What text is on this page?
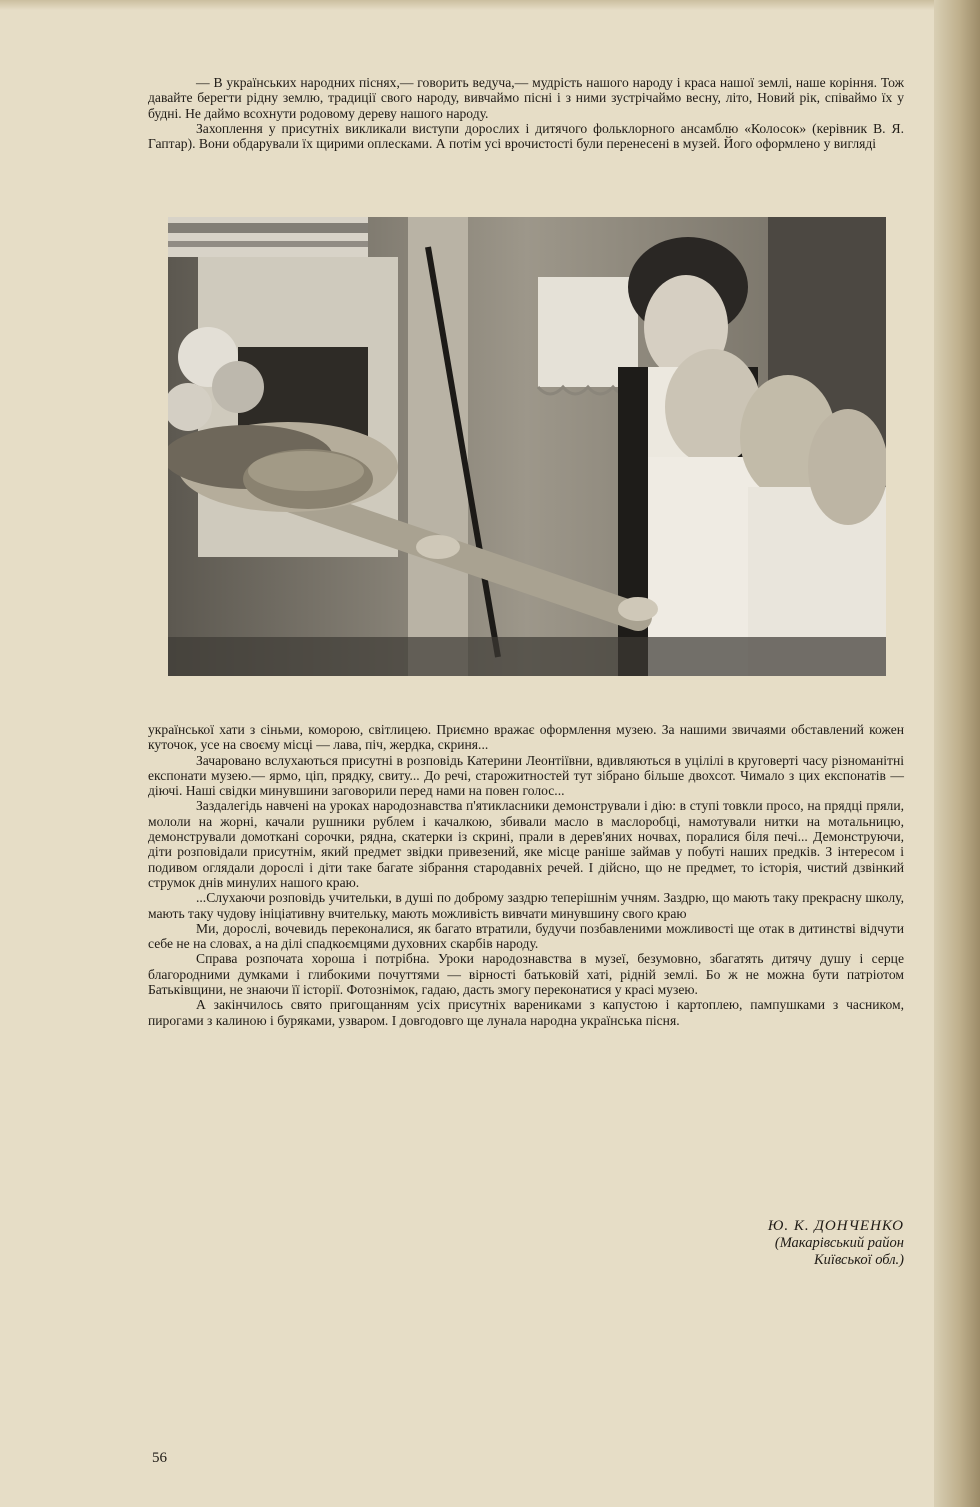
— В українських народних піснях,— говорить ведуча,— мудрість нашого народу і краса нашої землі, наше коріння. Тож давайте берегти рідну землю, традиції свого народу, вивчаймо пісні і з ними зустрічаймо весну, літо, Новий рік, співаймо їх у будні. Не даймо всохнути родовому дереву нашого народу.

Захоплення у присутніх викликали виступи дорослих і дитячого фольклорного ансамблю «Колосок» (керівник В. Я. Гаптар). Вони обдарували їх щирими оплесками. А потім усі врочистості були перенесені в музей. Його оформлено у вигляді

української хати з сіньми, коморою, світлицею. Приємно вражає оформлення музею. За нашими звичаями обставлений кожен куточок, усе на своєму місці — лава, піч, жердка, скриня...

Зачаровано вслухаються присутні в розповідь Катерини Леонтіївни, вдивляються в уцілілі в круговерті часу різноманітні експонати музею.— ярмо, ціп, прядку, свиту... До речі, старожитностей тут зібрано більше двохсот. Чимало з цих експонатів — діючі. Наші свідки минувшини заговорили перед нами на повен голос...

Заздалегідь навчені на уроках народознавства п'ятикласники демонстрували і дію: в ступі товкли просо, на прядці пряли, мололи на жорні, качали рушники рублем і качалкою, збивали масло в маслоробці, намотували нитки на мотальницю, демонстрували домоткані сорочки, рядна, скатерки із скрині, прали в дерев'яних ночвах, поралися біля печі... Демонструючи, діти розповідали присутнім, який предмет звідки привезений, яке місце раніше займав у побуті наших предків. З інтересом і подивом оглядали дорослі і діти таке багате зібрання стародавніх речей. І дійсно, що не предмет, то історія, чистий дзвінкий струмок днів минулих нашого краю.

...Слухаючи розповідь учительки, в душі по доброму заздрю теперішнім учням. Заздрю, що мають таку прекрасну школу, мають таку чудову ініціативну вчительку, мають можливість вивчати минувшину свого краю

Ми, дорослі, вочевидь переконалися, як багато втратили, будучи позбавленими можливості ще отак в дитинстві відчути себе не на словах, а на ділі спадкоємцями духовних скарбів народу.

Справа розпочата хороша і потрібна. Уроки народознавства в музеї, безумовно, збагатять дитячу душу і серце благородними думками і глибокими почуттями — вірності батьковій хаті, рідній землі. Бо ж не можна бути патріотом Батьківщини, не знаючи її історії. Фотознімок, гадаю, дасть змогу переконатися у красі музею.

А закінчилось свято пригощанням усіх присутніх варениками з капустою і картоплею, пампушками з часником, пирогами з калиною і буряками, узваром. І довгодовго ще лунала народна українська пісня.

Ю. К. ДОНЧЕНКО
(Макарівський район
Київської обл.)
56
